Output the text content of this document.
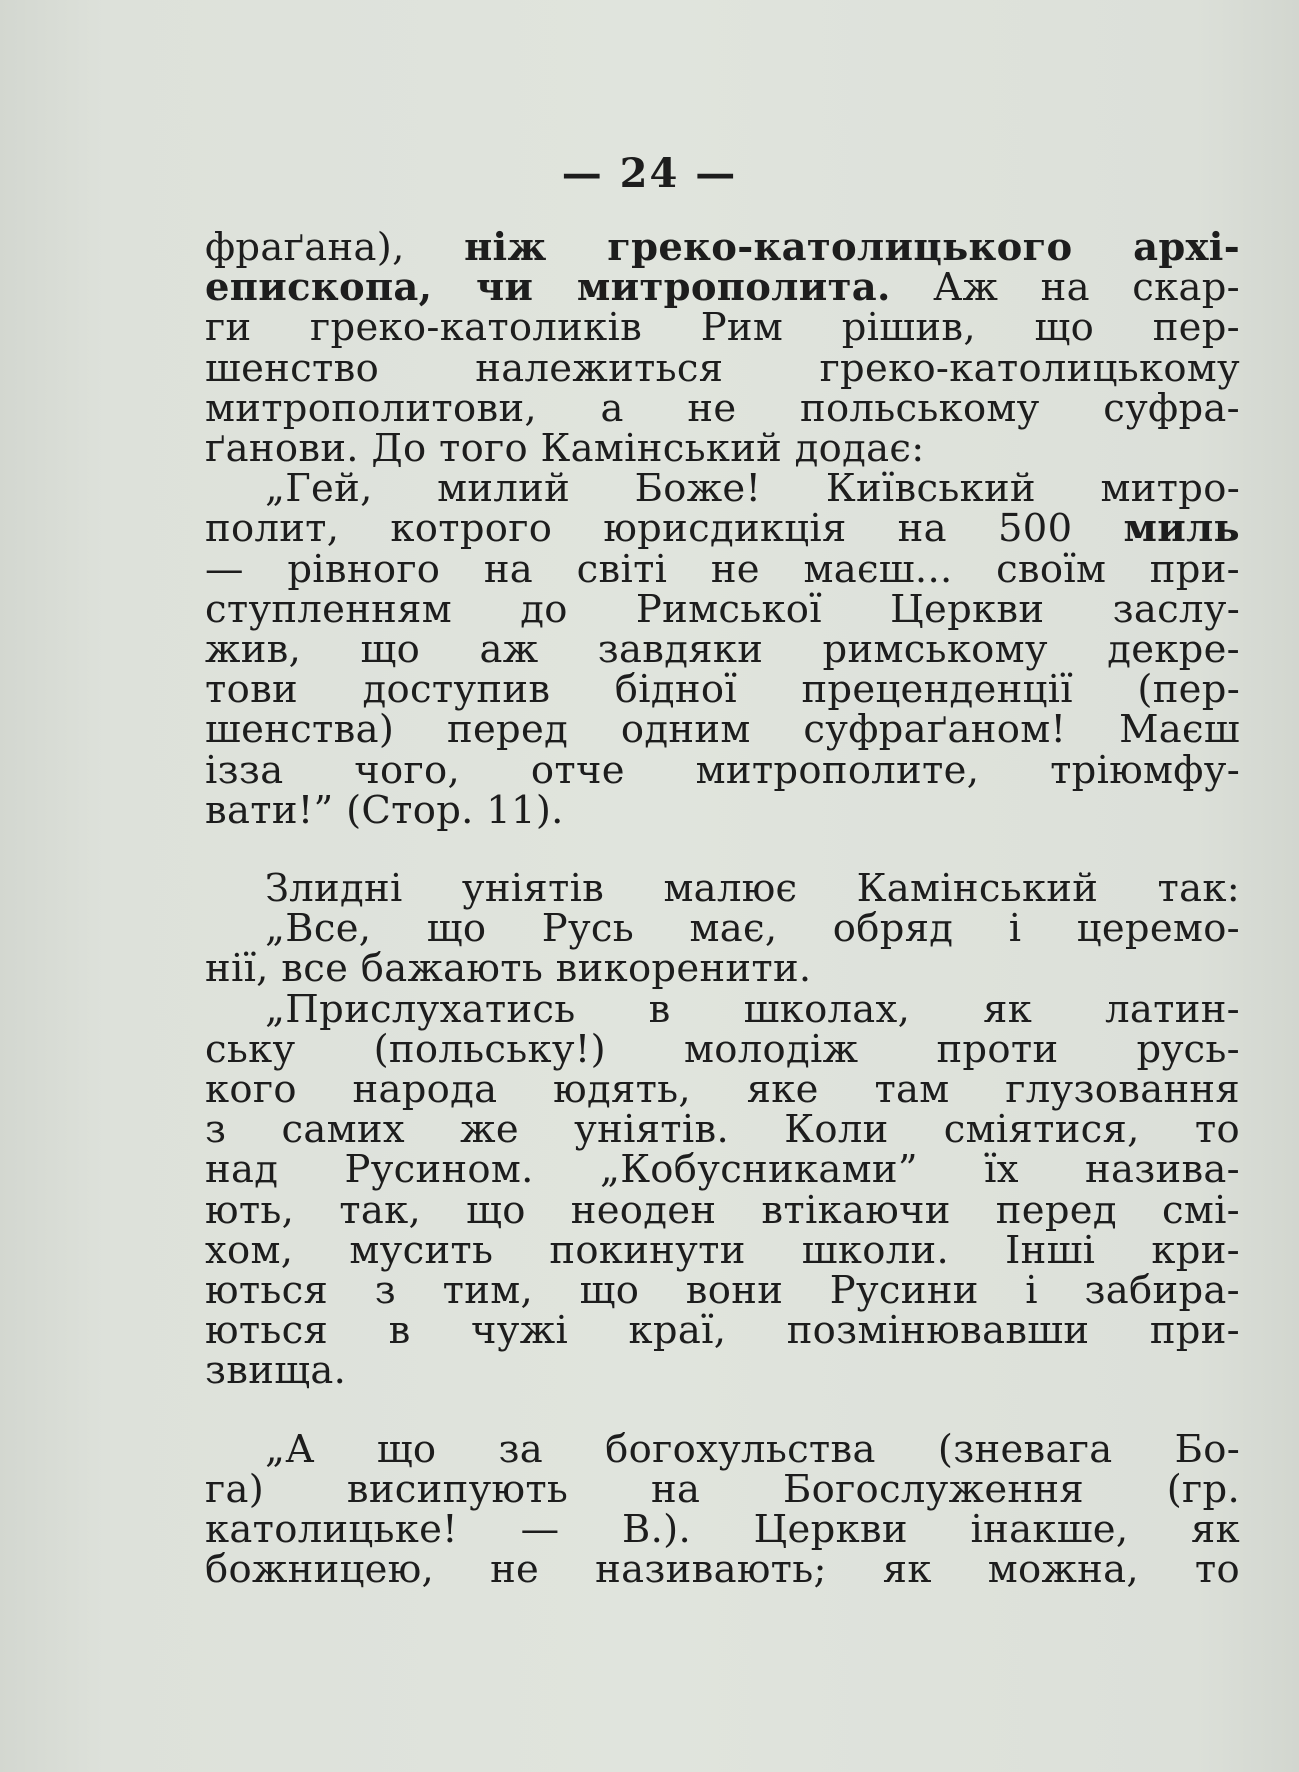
— 24 —
фраґана), ніж греко-католицького архі-
епископа, чи митрополита. Аж на скар-
ги греко-католиків Рим рішив, що пер-
шенство належиться греко-католицькому
митрополитови, а не польському суфра-
ґанови. До того Камінський додає:
„Гей, милий Боже! Київський митро-
полит, котрого юрисдикція на 500 миль
— рівного на світі не маєш... своїм при-
ступленням до Римської Церкви заслу-
жив, що аж завдяки римському декре-
тови доступив бідної преценденції (пер-
шенства) перед одним суфраґаном! Маєш
ізза чого, отче митрополите, тріюмфу-
вати!” (Стор. 11).
Злидні унiятів малює Камінський так:
„Все, що Русь має, обряд і церемо-
нії, все бажають викоренити.
„Прислухатись в школах, як латин-
ську (польську!) молодіж проти рyсь-
кого народа юдять, яке там глузовання
з самих же уніятів. Коли сміятися, то
над Русином. „Кобусниками” їх назива-
ють, так, що неоден втікаючи перед смі-
хом, мусить покинути школи. Інші кри-
ються з тим, що вони Русини і забира-
ються в чужі краї, позмінювавши при-
звища.
„А що за богохульства (зневага Бо-
га) висипують на Богослуження (гр.
католицьке! — В.). Церкви інакше, як
божницею, не називають; як можна, то
